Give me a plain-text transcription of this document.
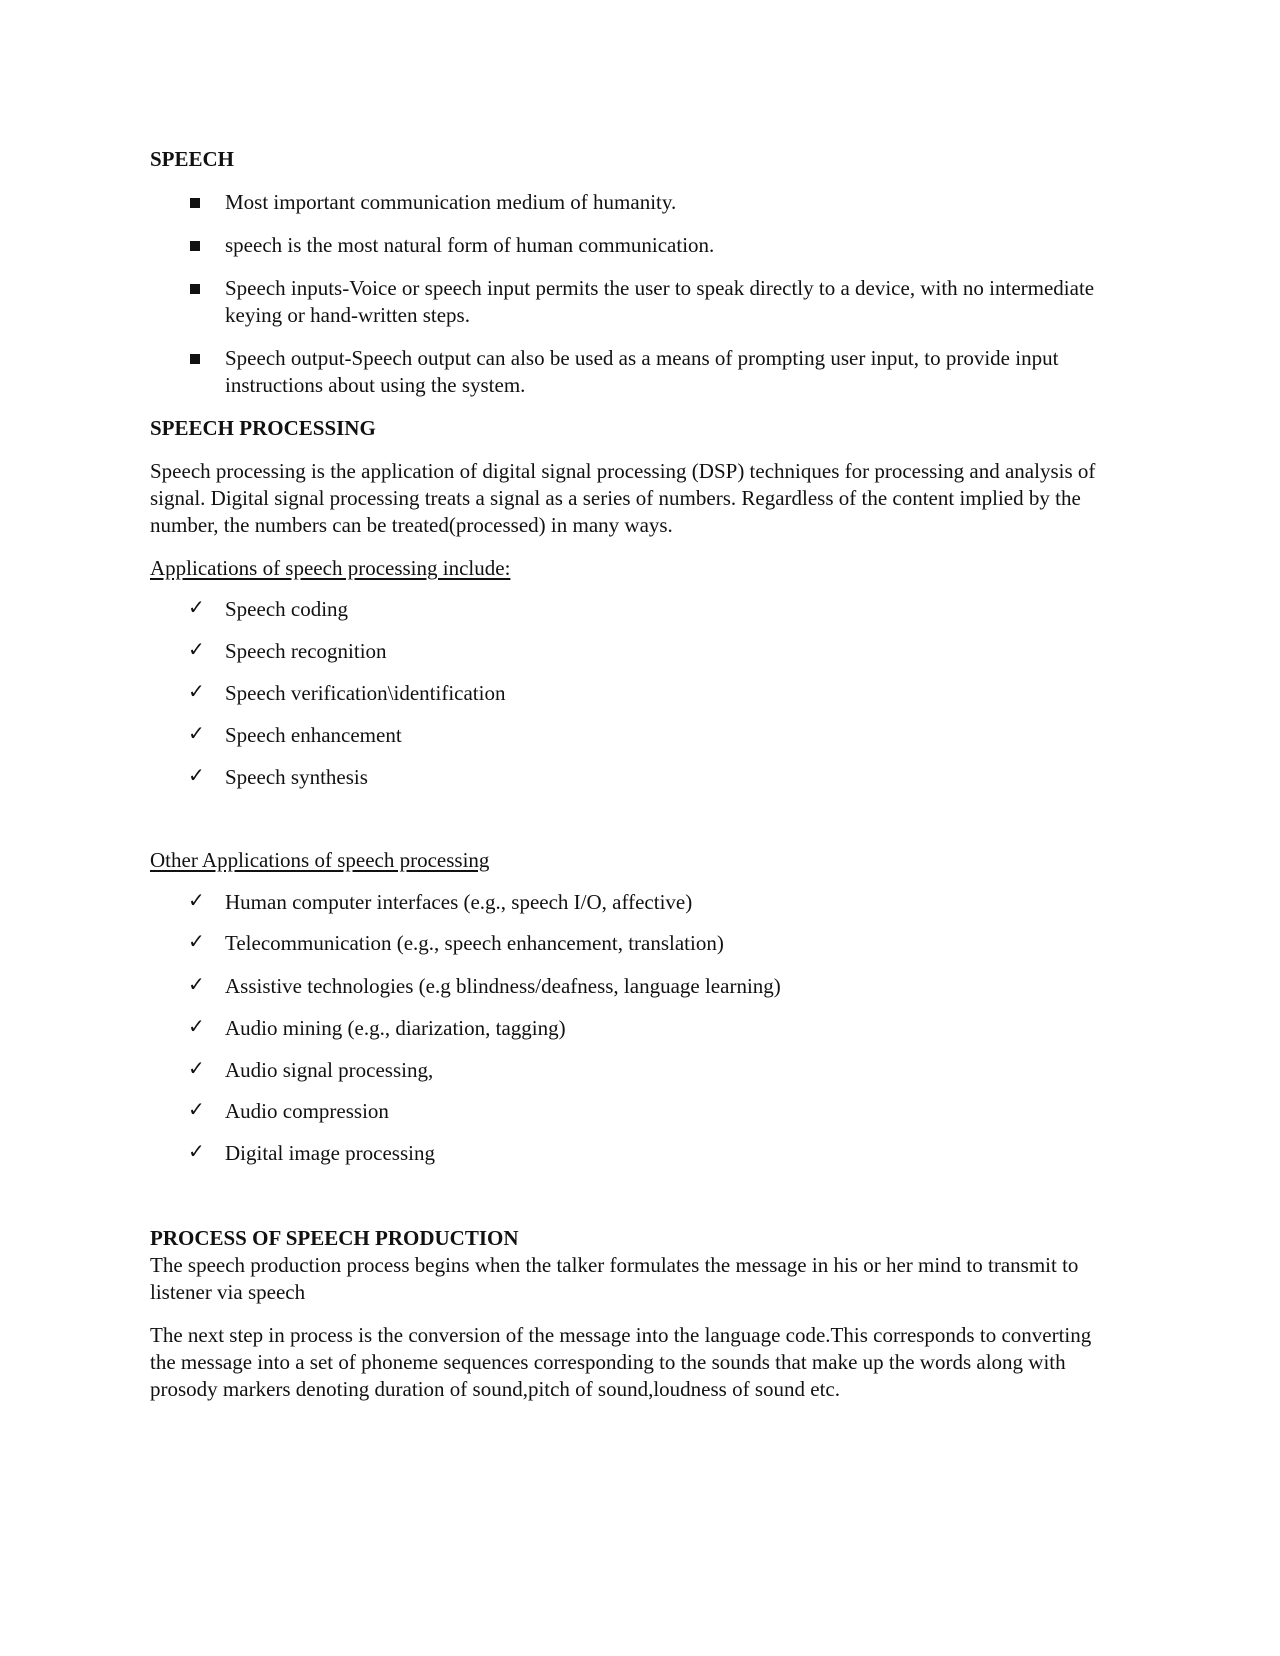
SPEECH
Most important communication medium of humanity.
speech is the most natural form of human communication.
Speech inputs-Voice or speech input permits the user to speak directly to a device, with no intermediate keying or hand-written steps.
Speech output-Speech output can also be used as a means of prompting user input, to provide input instructions about using the system.
SPEECH PROCESSING

Speech processing is the application of digital signal processing (DSP) techniques for processing and analysis of signal. Digital signal processing treats a signal as a series of numbers. Regardless of the content implied by the number, the numbers can be treated(processed) in many ways.

Applications of speech processing include:

✓ Speech coding
✓ Speech recognition
✓ Speech verification\identification
✓ Speech enhancement
✓ Speech synthesis

Other Applications of speech processing

✓ Human computer interfaces (e.g., speech I/O, affective)
✓ Telecommunication (e.g., speech enhancement, translation)
✓ Assistive technologies (e.g blindness/deafness, language learning)
✓ Audio mining (e.g., diarization, tagging)
✓ Audio signal processing,
✓ Audio compression
✓ Digital image processing
PROCESS OF SPEECH PRODUCTION

The speech production process begins when the talker formulates the message in his or her mind to transmit to listener via speech

The next step in process is the conversion of the message into the language code.This corresponds to converting the message into a set of phoneme sequences corresponding to the sounds that make up the words along with prosody markers denoting duration of sound,pitch of sound,loudness of sound etc.
